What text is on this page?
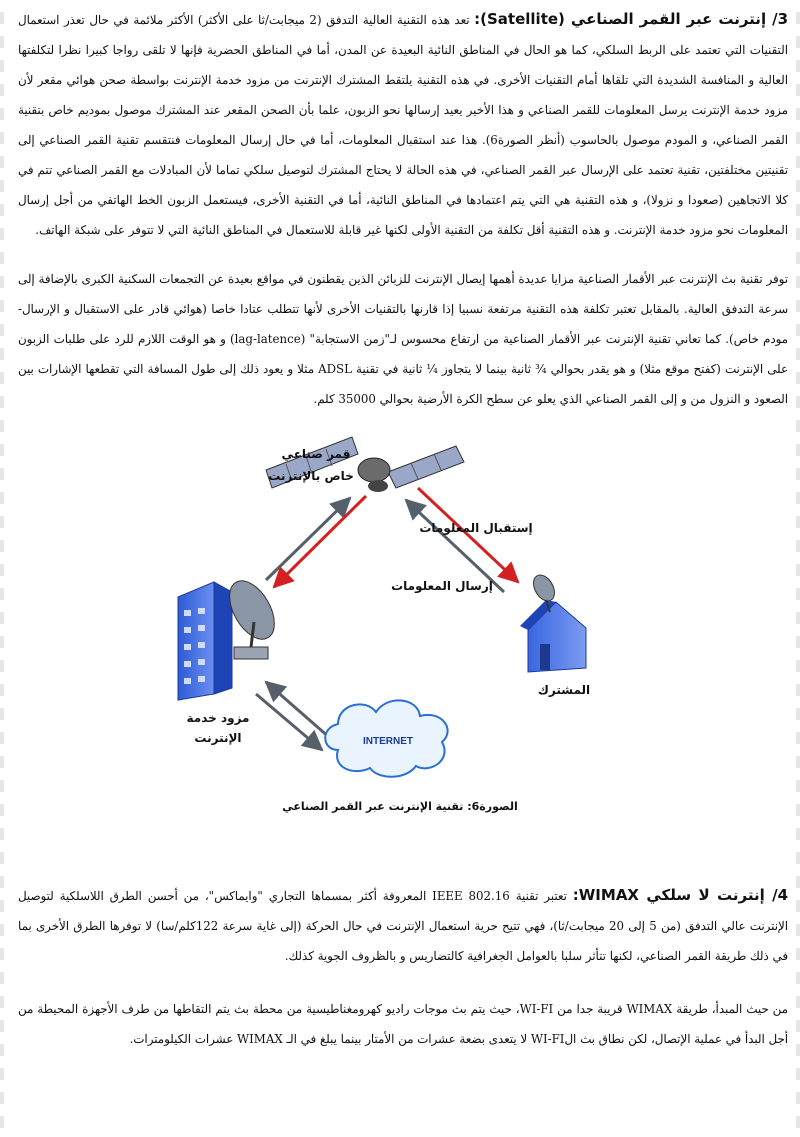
3/ إنترنت عبر القمر الصناعي (Satellite): تعد هذه التقنية العالية التدفق (2 ميجابت/ثا على الأكثر) الأكثر ملائمة في حال تعذر استعمال التقنيات التي تعتمد على الربط السلكي، كما هو الحال في المناطق النائية البعيدة عن المدن، أما في المناطق الحضرية فإنها لا تلقى رواجا كبيرا نظرا لتكلفتها العالية و المنافسة الشديدة التي تلقاها أمام التقنيات الأخرى. في هذه التقنية يلتقط المشترك الإنترنت من مزود خدمة الإنترنت بواسطة صحن هوائي مقعر لأن مزود خدمة الإنترنت يرسل المعلومات للقمر الصناعي و هذا الأخير يعيد إرسالها نحو الزبون، علما بأن الصحن المقعر عند المشترك موصول بموديم خاص بتقنية القمر الصناعي، و المودم موصول بالحاسوب (أنظر الصورة6). هذا عند استقبال المعلومات، أما في حال إرسال المعلومات فنتقسم تقنية القمر الصناعي إلى تقنيتين مختلفتين، تقنية تعتمد على الإرسال عبر القمر الصناعي، في هذه الحالة لا يحتاج المشترك لتوصيل سلكي تماما لأن المبادلات مع القمر الصناعي تتم في كلا الاتجاهين (صعودا و نزولا)، و هذه التقنية هي التي يتم اعتمادها في المناطق النائية، أما في التقنية الأخرى، فيستعمل الزبون الخط الهاتفي من أجل إرسال المعلومات نحو مزود خدمة الإنترنت. و هذه التقنية أقل تكلفة من التقنية الأولى لكنها غير قابلة للاستعمال في المناطق النائية التي لا تتوفر على شبكة الهاتف.

توفر تقنية بث الإنترنت عبر الأقمار الصناعية مزايا عديدة أهمها إيصال الإنترنت للزبائن الذين يقطنون في مواقع بعيدة عن التجمعات السكنية الكبرى بالإضافة إلى سرعة التدفق العالية. بالمقابل تعتبر تكلفة هذه التقنية مرتفعة نسبيا إذا قارنها بالتقنيات الأخرى لأنها تتطلب عتادا خاصا (هوائي قادر على الاستقبال و الإرسال- مودم خاص). كما تعاني تقنية الإنترنت عبر الأقمار الصناعية من ارتفاع محسوس لـ"زمن الاستجابة" (lag-latence) و هو الوقت اللازم للرد على طلبات الزبون على الإنترنت (كفتح موقع مثلا) و هو يقدر بحوالي ¾ ثانية بينما لا يتجاوز ¼ ثانية في تقنية ADSL مثلا و يعود ذلك إلى طول المسافة التي تقطعها الإشارات بين الصعود و النزول من و إلى القمر الصناعي الذي يعلو عن سطح الكرة الأرضية بحوالي 35000 كلم.

قمر صناعي
خاص بالإنترنت
إستقبال المعلومات
إرسال المعلومات
مزود خدمة
الإنترنت
المشترك
INTERNET
الصورة6: تقنية الإنترنت عبر القمر الصناعي

4/ إنترنت لا سلكي WIMAX: تعتبر تقنية IEEE 802.16 المعروفة أكثر بمسماها التجاري "وايماكس"، من أحسن الطرق اللاسلكية لتوصيل الإنترنت عالي التدفق (من 5 إلى 20 ميجابت/ثا)، فهي تتيح حرية استعمال الإنترنت في حال الحركة (إلى غاية سرعة 122كلم/سا) لا توفرها الطرق الأخرى بما في ذلك طريقة القمر الصناعي، لكنها تتأثر سلبا بالعوامل الجغرافية كالتضاريس و بالظروف الجوية كذلك.

من حيث المبدأ، طريقة WIMAX قريبة جدا من WI-FI، حيث يتم بث موجات راديو كهرومغناطيسية من محطة بث يتم التقاطها من طرف الأجهزة المحيطة من أجل البدأ في عملية الإتصال، لكن نطاق بث الWI-FI لا يتعدى بضعة عشرات من الأمتار بينما يبلغ في الـ WIMAX عشرات الكيلومترات.
